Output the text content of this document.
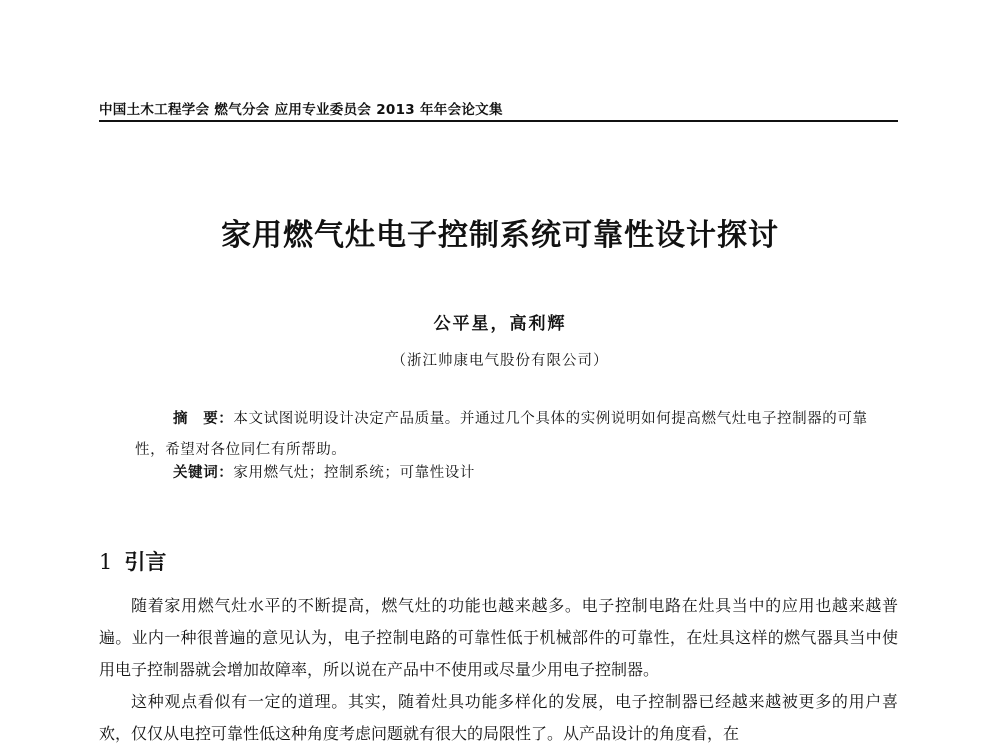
中国土木工程学会 燃气分会 应用专业委员会 2013 年年会论文集
家用燃气灶电子控制系统可靠性设计探讨
公平星，高利辉
（浙江帅康电气股份有限公司）
摘　要：本文试图说明设计决定产品质量。并通过几个具体的实例说明如何提高燃气灶电子控制器的可靠性，希望对各位同仁有所帮助。
关键词：家用燃气灶；控制系统；可靠性设计
1 引言

随着家用燃气灶水平的不断提高，燃气灶的功能也越来越多。电子控制电路在灶具当中的应用也越来越普遍。业内一种很普遍的意见认为，电子控制电路的可靠性低于机械部件的可靠性，在灶具这样的燃气器具当中使用电子控制器就会增加故障率，所以说在产品中不使用或尽量少用电子控制器。

这种观点看似有一定的道理。其实，随着灶具功能多样化的发展，电子控制器已经越来越被更多的用户喜欢，仅仅从电控可靠性低这种角度考虑问题就有很大的局限性了。从产品设计的角度看，在
